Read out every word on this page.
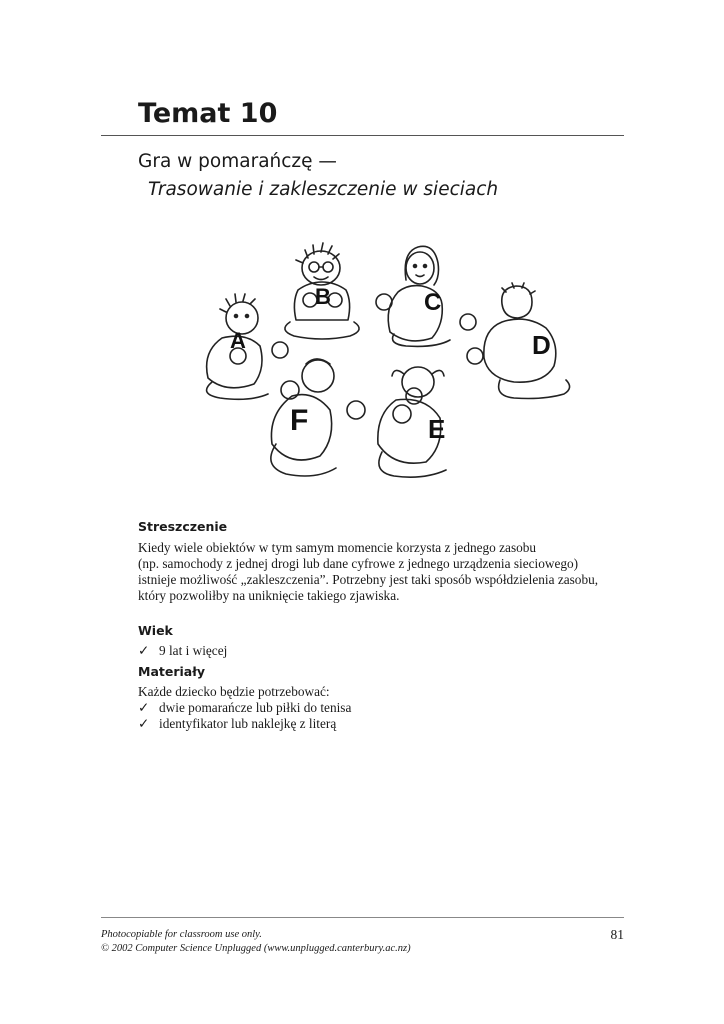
Temat 10
Gra w pomarańczę —
Trasowanie i zakleszczenie w sieciach
B	C
D
A
F	E
Streszczenie
Kiedy wiele obiektów w tym samym momencie korzysta z jednego zasobu
(np. samochody z jednej drogi lub dane cyfrowe z jednego urządzenia sieciowego)
istnieje możliwość „zakleszczenia”. Potrzebny jest taki sposób współdzielenia zasobu,
który pozwoliłby na uniknięcie takiego zjawiska.
Wiek
✓ 9 lat i więcej
Materiały
Każde dziecko będzie potrzebować:
✓ dwie pomarańcze lub piłki do tenisa
✓ identyfikator lub naklejkę z literą
Photocopiable for classroom use only.
© 2002 Computer Science Unplugged (www.unplugged.canterbury.ac.nz)
81
